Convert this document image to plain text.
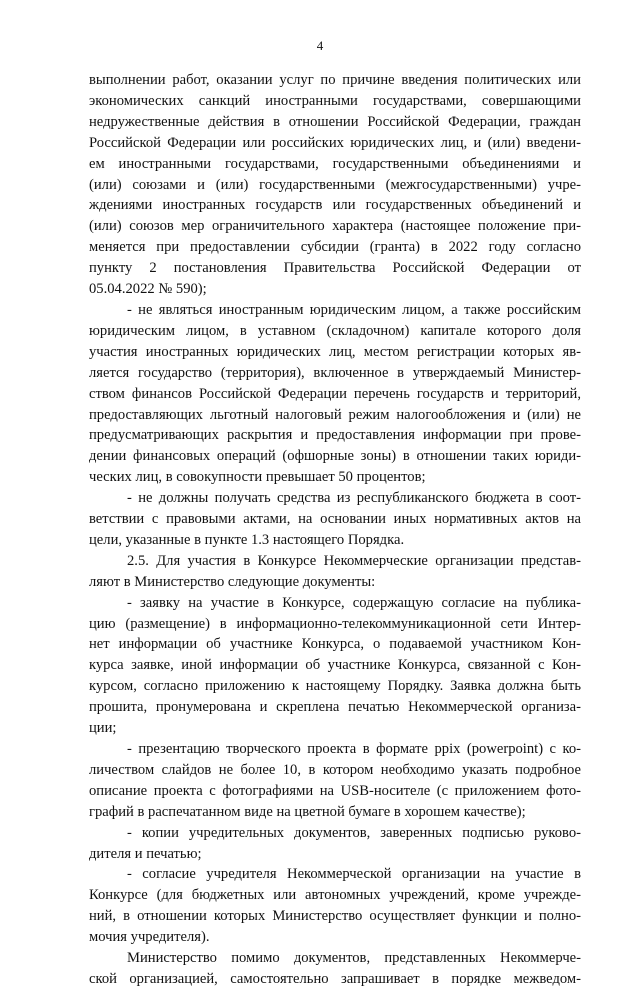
4
выполнении работ, оказании услуг по причине введения политических или
экономических санкций иностранными государствами, совершающими
недружественные действия в отношении Российской Федерации, граждан
Российской Федерации или российских юридических лиц, и (или) введени-
ем иностранными государствами, государственными объединениями и
(или) союзами и (или) государственными (межгосударственными) учре-
ждениями иностранных государств или государственных объединений и
(или) союзов мер ограничительного характера (настоящее положение при-
меняется при предоставлении субсидии (гранта) в 2022 году согласно
пункту 2 постановления Правительства Российской Федерации от
05.04.2022 № 590);
- не являться иностранным юридическим лицом, а также российским
юридическим лицом, в уставном (складочном) капитале которого доля
участия иностранных юридических лиц, местом регистрации которых яв-
ляется государство (территория), включенное в утверждаемый Министер-
ством финансов Российской Федерации перечень государств и территорий,
предоставляющих льготный налоговый режим налогообложения и (или) не
предусматривающих раскрытия и предоставления информации при прове-
дении финансовых операций (офшорные зоны) в отношении таких юриди-
ческих лиц, в совокупности превышает 50 процентов;
- не должны получать средства из республиканского бюджета в соот-
ветствии с правовыми актами, на основании иных нормативных актов на
цели, указанные в пункте 1.3 настоящего Порядка.
2.5. Для участия в Конкурсе Некоммерческие организации представ-
ляют в Министерство следующие документы:
- заявку на участие в Конкурсе, содержащую согласие на публика-
цию (размещение) в информационно-телекоммуникационной сети Интер-
нет информации об участнике Конкурса, о подаваемой участником Кон-
курса заявке, иной информации об участнике Конкурса, связанной с Кон-
курсом, согласно приложению к настоящему Порядку. Заявка должна быть
прошита, пронумерована и скреплена печатью Некоммерческой организа-
ции;
- презентацию творческого проекта в формате ppix (powerpoint) с ко-
личеством слайдов не более 10, в котором необходимо указать подробное
описание проекта с фотографиями на USB-носителе (с приложением фото-
графий в распечатанном виде на цветной бумаге в хорошем качестве);
- копии учредительных документов, заверенных подписью руково-
дителя и печатью;
- согласие учредителя Некоммерческой организации на участие в
Конкурсе (для бюджетных или автономных учреждений, кроме учрежде-
ний, в отношении которых Министерство осуществляет функции и полно-
мочия учредителя).
Министерство помимо документов, представленных Некоммерче-
ской организацией, самостоятельно запрашивает в порядке межведом-
